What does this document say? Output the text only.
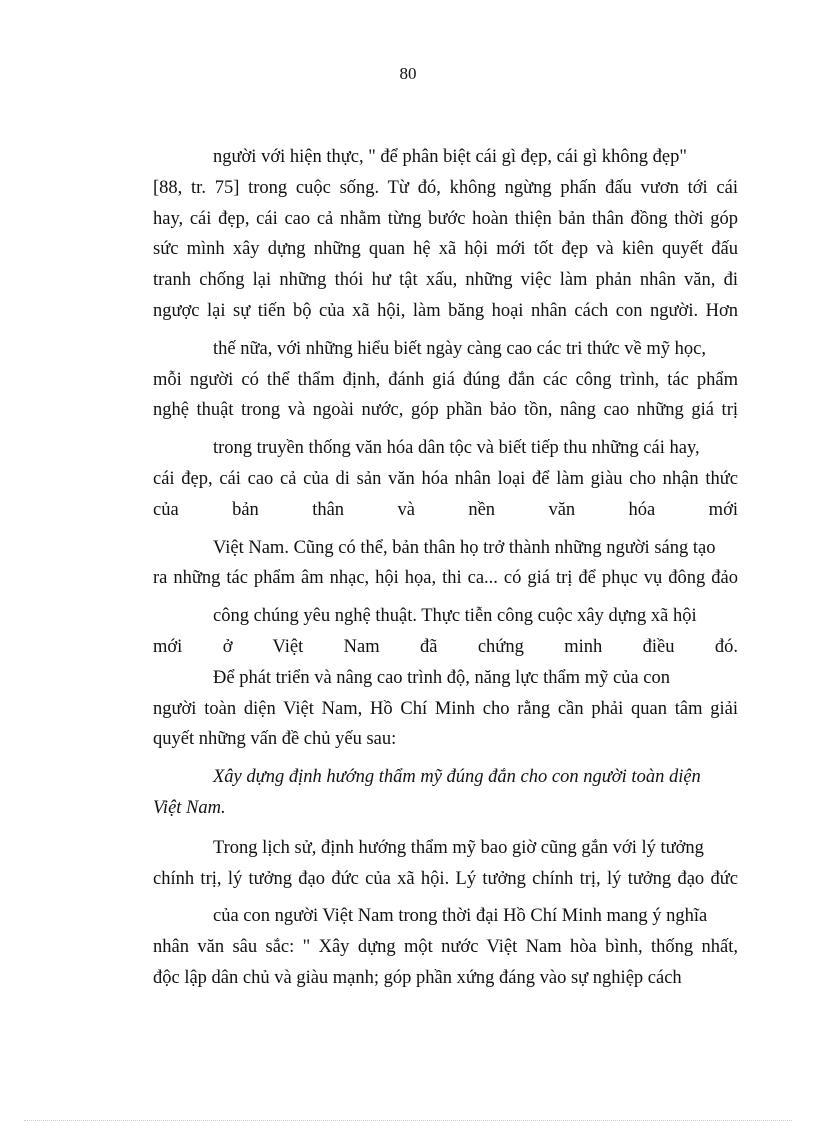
80
người với hiện thực, " để phân biệt cái gì đẹp, cái gì không đẹp"
[88, tr. 75] trong cuộc sống. Từ đó, không ngừng phấn đấu vươn tới cái
hay, cái đẹp, cái cao cả nhằm từng bước hoàn thiện bản thân đồng thời góp
sức mình xây dựng những quan hệ xã hội mới tốt đẹp và kiên quyết đấu
tranh chống lại những thói hư tật xấu, những việc làm phản nhân văn, đi
ngược lại sự tiến bộ của xã hội, làm băng hoại nhân cách con người. Hơn
thế nữa, với những hiểu biết ngày càng cao các tri thức về mỹ học,
mỗi người có thể thẩm định, đánh giá đúng đắn các công trình, tác phẩm
nghệ thuật trong và ngoài nước, góp phần bảo tồn, nâng cao những giá trị
trong truyền thống văn hóa dân tộc và biết tiếp thu những cái hay,
cái đẹp, cái cao cả của di sản văn hóa nhân loại để làm giàu cho nhận thức
của bản thân và nền văn hóa mới
Việt Nam. Cũng có thể, bản thân họ trở thành những người sáng tạo
ra những tác phẩm âm nhạc, hội họa, thi ca... có giá trị để phục vụ đông đảo
công chúng yêu nghệ thuật. Thực tiễn công cuộc xây dựng xã hội
mới ở Việt Nam đã chứng minh điều đó.
Để phát triển và nâng cao trình độ, năng lực thẩm mỹ của con
người toàn diện Việt Nam, Hồ Chí Minh cho rằng cần phải quan tâm giải
quyết những vấn đề chủ yếu sau:
Xây dựng định hướng thẩm mỹ đúng đắn cho con người toàn diện
Việt Nam.
Trong lịch sử, định hướng thẩm mỹ bao giờ cũng gắn với lý tưởng
chính trị, lý tưởng đạo đức của xã hội. Lý tưởng chính trị, lý tưởng đạo đức
của con người Việt Nam trong thời đại Hồ Chí Minh mang ý nghĩa
nhân văn sâu sắc: " Xây dựng một nước Việt Nam hòa bình, thống nhất,
độc lập dân chủ và giàu mạnh; góp phần xứng đáng vào sự nghiệp cách
